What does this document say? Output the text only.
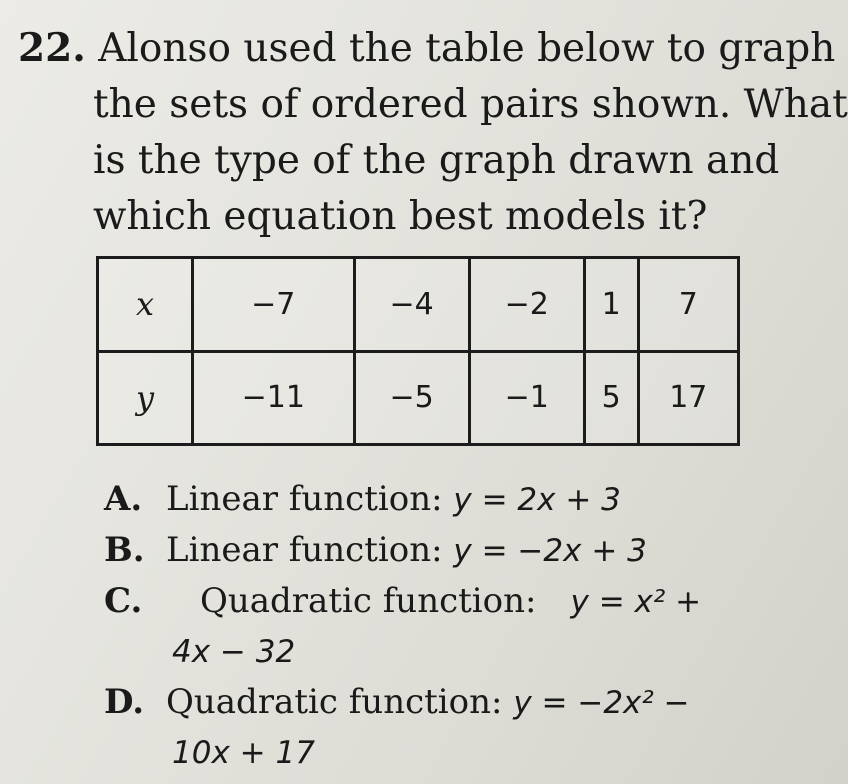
22. Alonso used the table below to graph
the sets of ordered pairs shown. What
is the type of the graph drawn and
which equation best models it?
x	−7	−4	−2	1	7
y	−11	−5	−1	5	17
A. Linear function: y = 2x + 3
B. Linear function: y = −2x + 3
C. Quadratic function: y = x² +
4x − 32
D. Quadratic function: y = −2x² −
10x + 17
